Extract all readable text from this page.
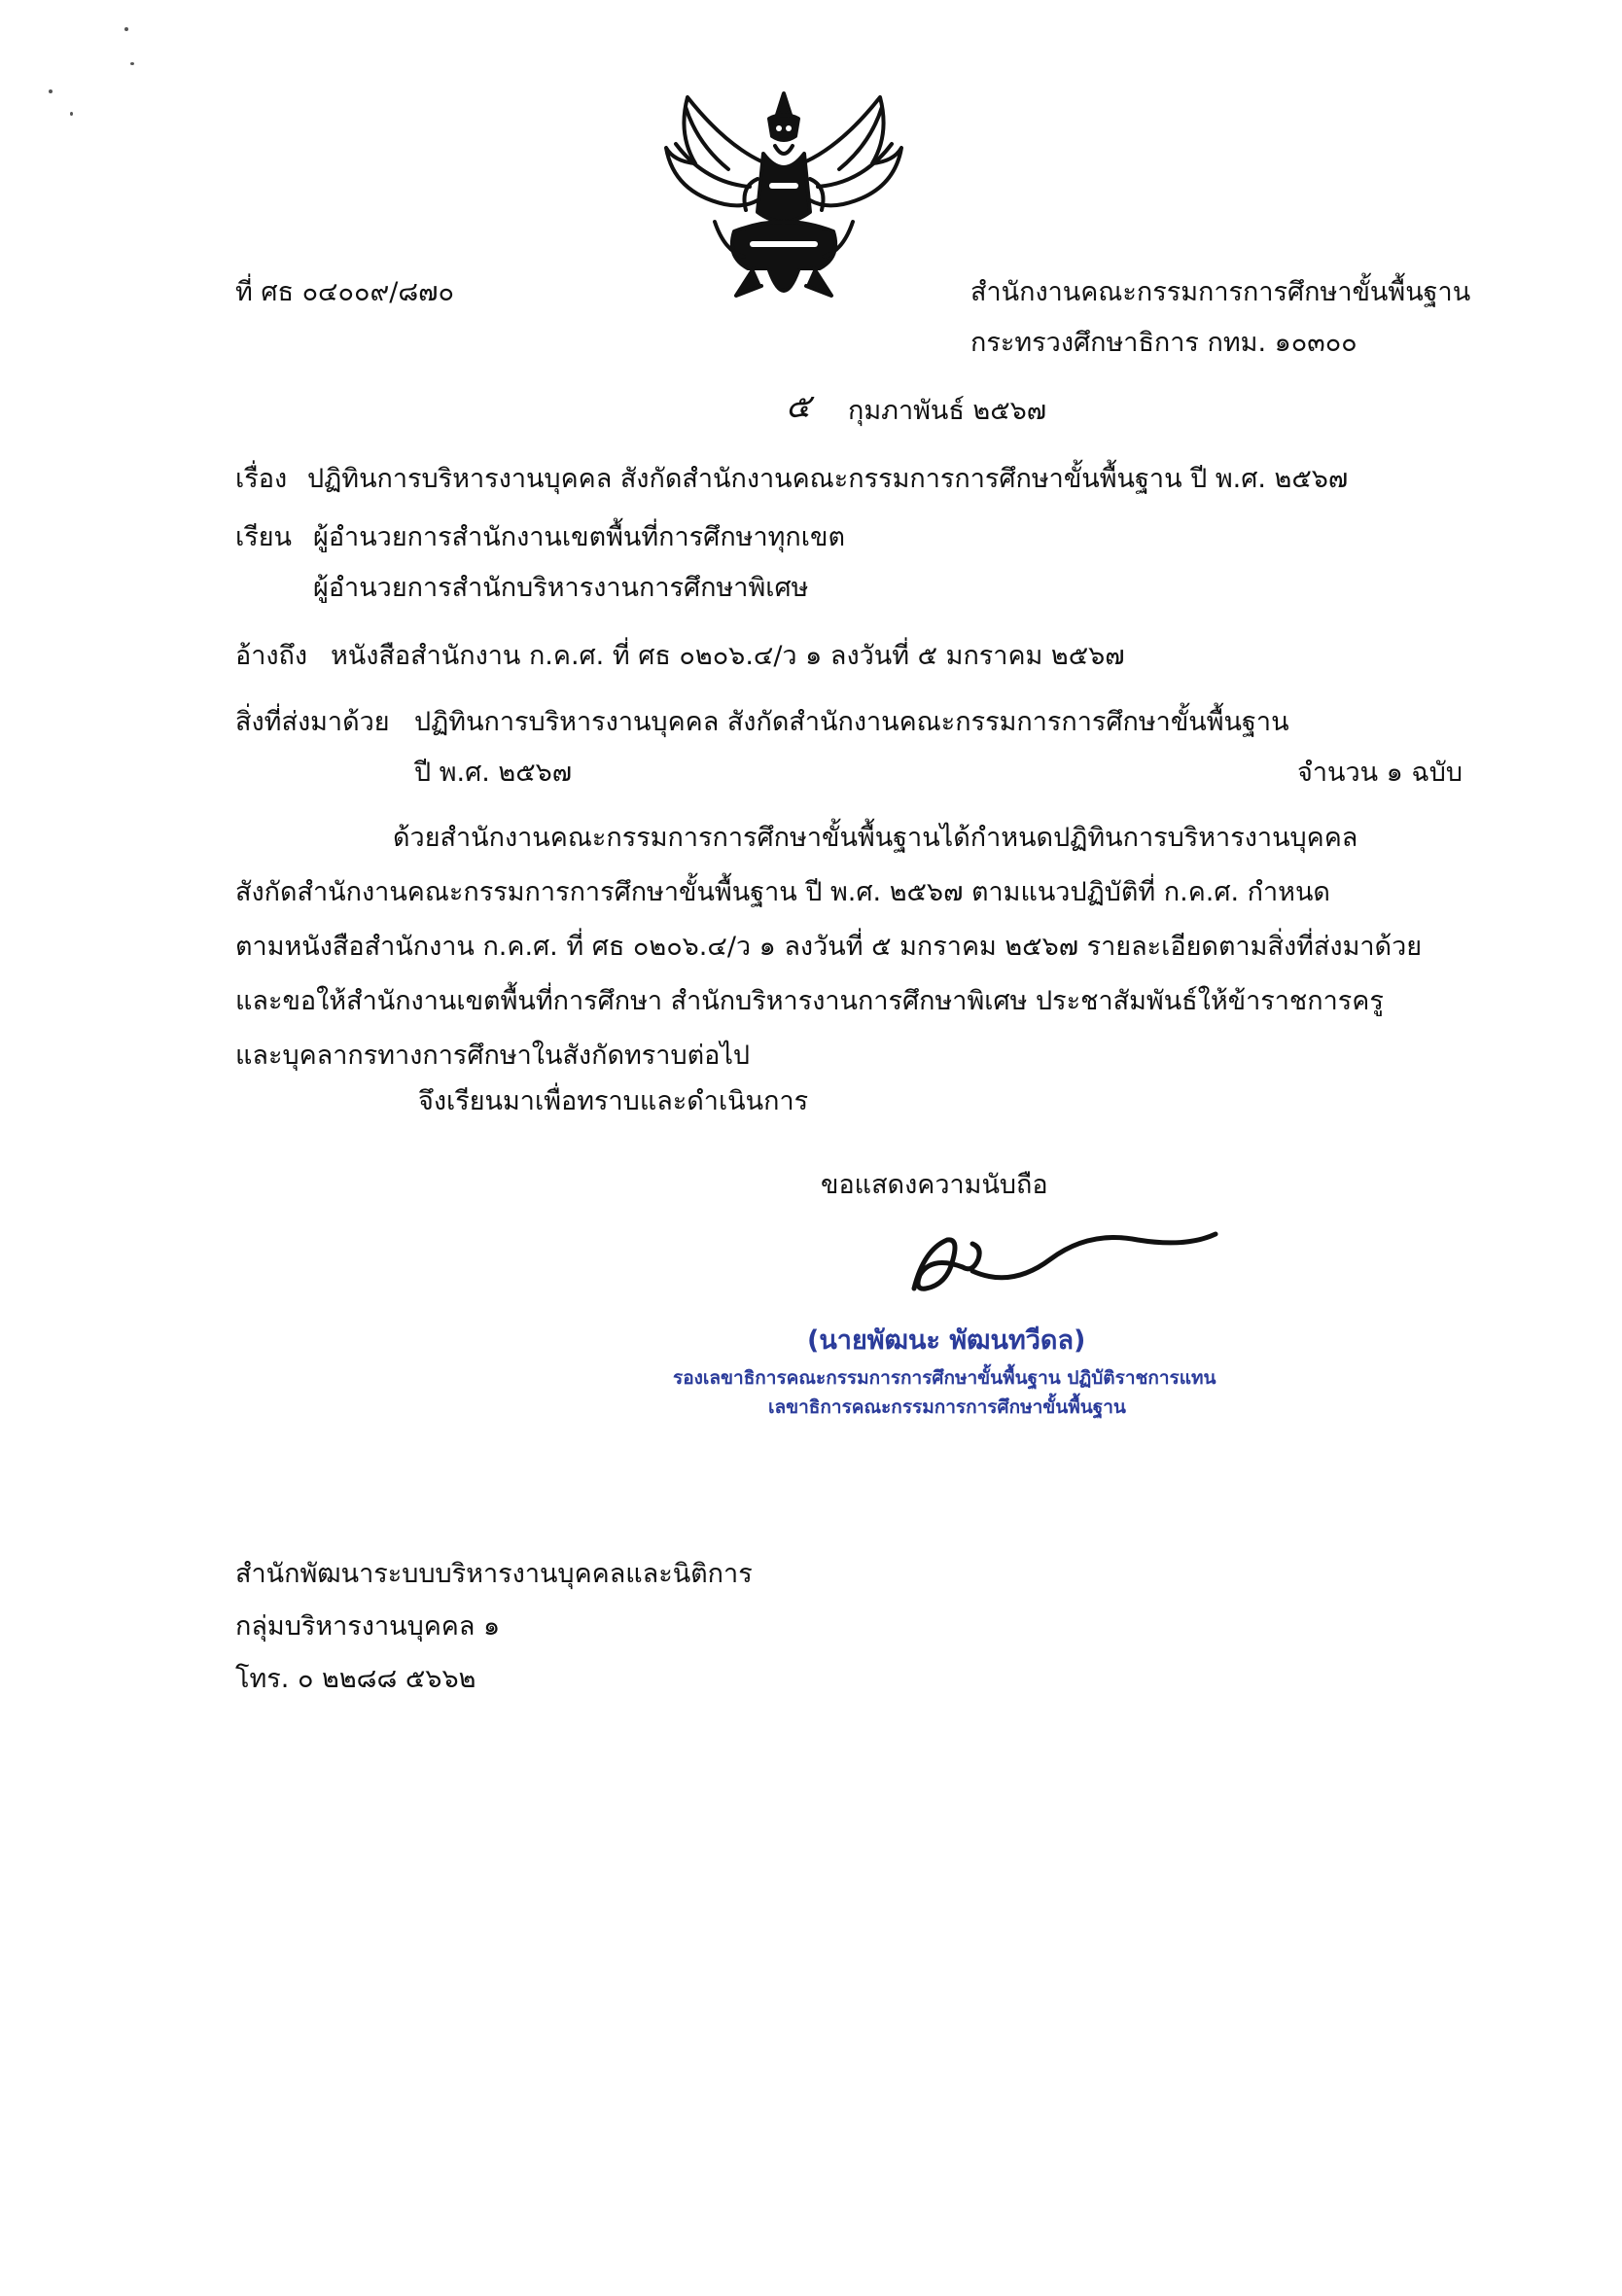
ที่ ศธ ๐๔๐๐๙/๘๗๐	สำนักงานคณะกรรมการการศึกษาขั้นพื้นฐาน
กระทรวงศึกษาธิการ กทม. ๑๐๓๐๐
๕ กุมภาพันธ์ ๒๕๖๗
เรื่อง ปฏิทินการบริหารงานบุคคล สังกัดสำนักงานคณะกรรมการการศึกษาขั้นพื้นฐาน ปี พ.ศ. ๒๕๖๗
เรียน ผู้อำนวยการสำนักงานเขตพื้นที่การศึกษาทุกเขต
ผู้อำนวยการสำนักบริหารงานการศึกษาพิเศษ
อ้างถึง หนังสือสำนักงาน ก.ค.ศ. ที่ ศธ ๐๒๐๖.๔/ว ๑ ลงวันที่ ๕ มกราคม ๒๕๖๗
สิ่งที่ส่งมาด้วย ปฏิทินการบริหารงานบุคคล สังกัดสำนักงานคณะกรรมการการศึกษาขั้นพื้นฐาน
ปี พ.ศ. ๒๕๖๗	จำนวน ๑ ฉบับ
ด้วยสำนักงานคณะกรรมการการศึกษาขั้นพื้นฐานได้กำหนดปฏิทินการบริหารงานบุคคล
สังกัดสำนักงานคณะกรรมการการศึกษาขั้นพื้นฐาน ปี พ.ศ. ๒๕๖๗ ตามแนวปฏิบัติที่ ก.ค.ศ. กำหนด
ตามหนังสือสำนักงาน ก.ค.ศ. ที่ ศธ ๐๒๐๖.๔/ว ๑ ลงวันที่ ๕ มกราคม ๒๕๖๗ รายละเอียดตามสิ่งที่ส่งมาด้วย
และขอให้สำนักงานเขตพื้นที่การศึกษา สำนักบริหารงานการศึกษาพิเศษ ประชาสัมพันธ์ให้ข้าราชการครู
และบุคลากรทางการศึกษาในสังกัดทราบต่อไป
จึงเรียนมาเพื่อทราบและดำเนินการ
ขอแสดงความนับถือ
(นายพัฒนะ พัฒนทวีดล)
รองเลขาธิการคณะกรรมการการศึกษาขั้นพื้นฐาน ปฏิบัติราชการแทน
เลขาธิการคณะกรรมการการศึกษาขั้นพื้นฐาน
สำนักพัฒนาระบบบริหารงานบุคคลและนิติการ
กลุ่มบริหารงานบุคคล ๑
โทร. ๐ ๒๒๘๘ ๕๖๖๒
